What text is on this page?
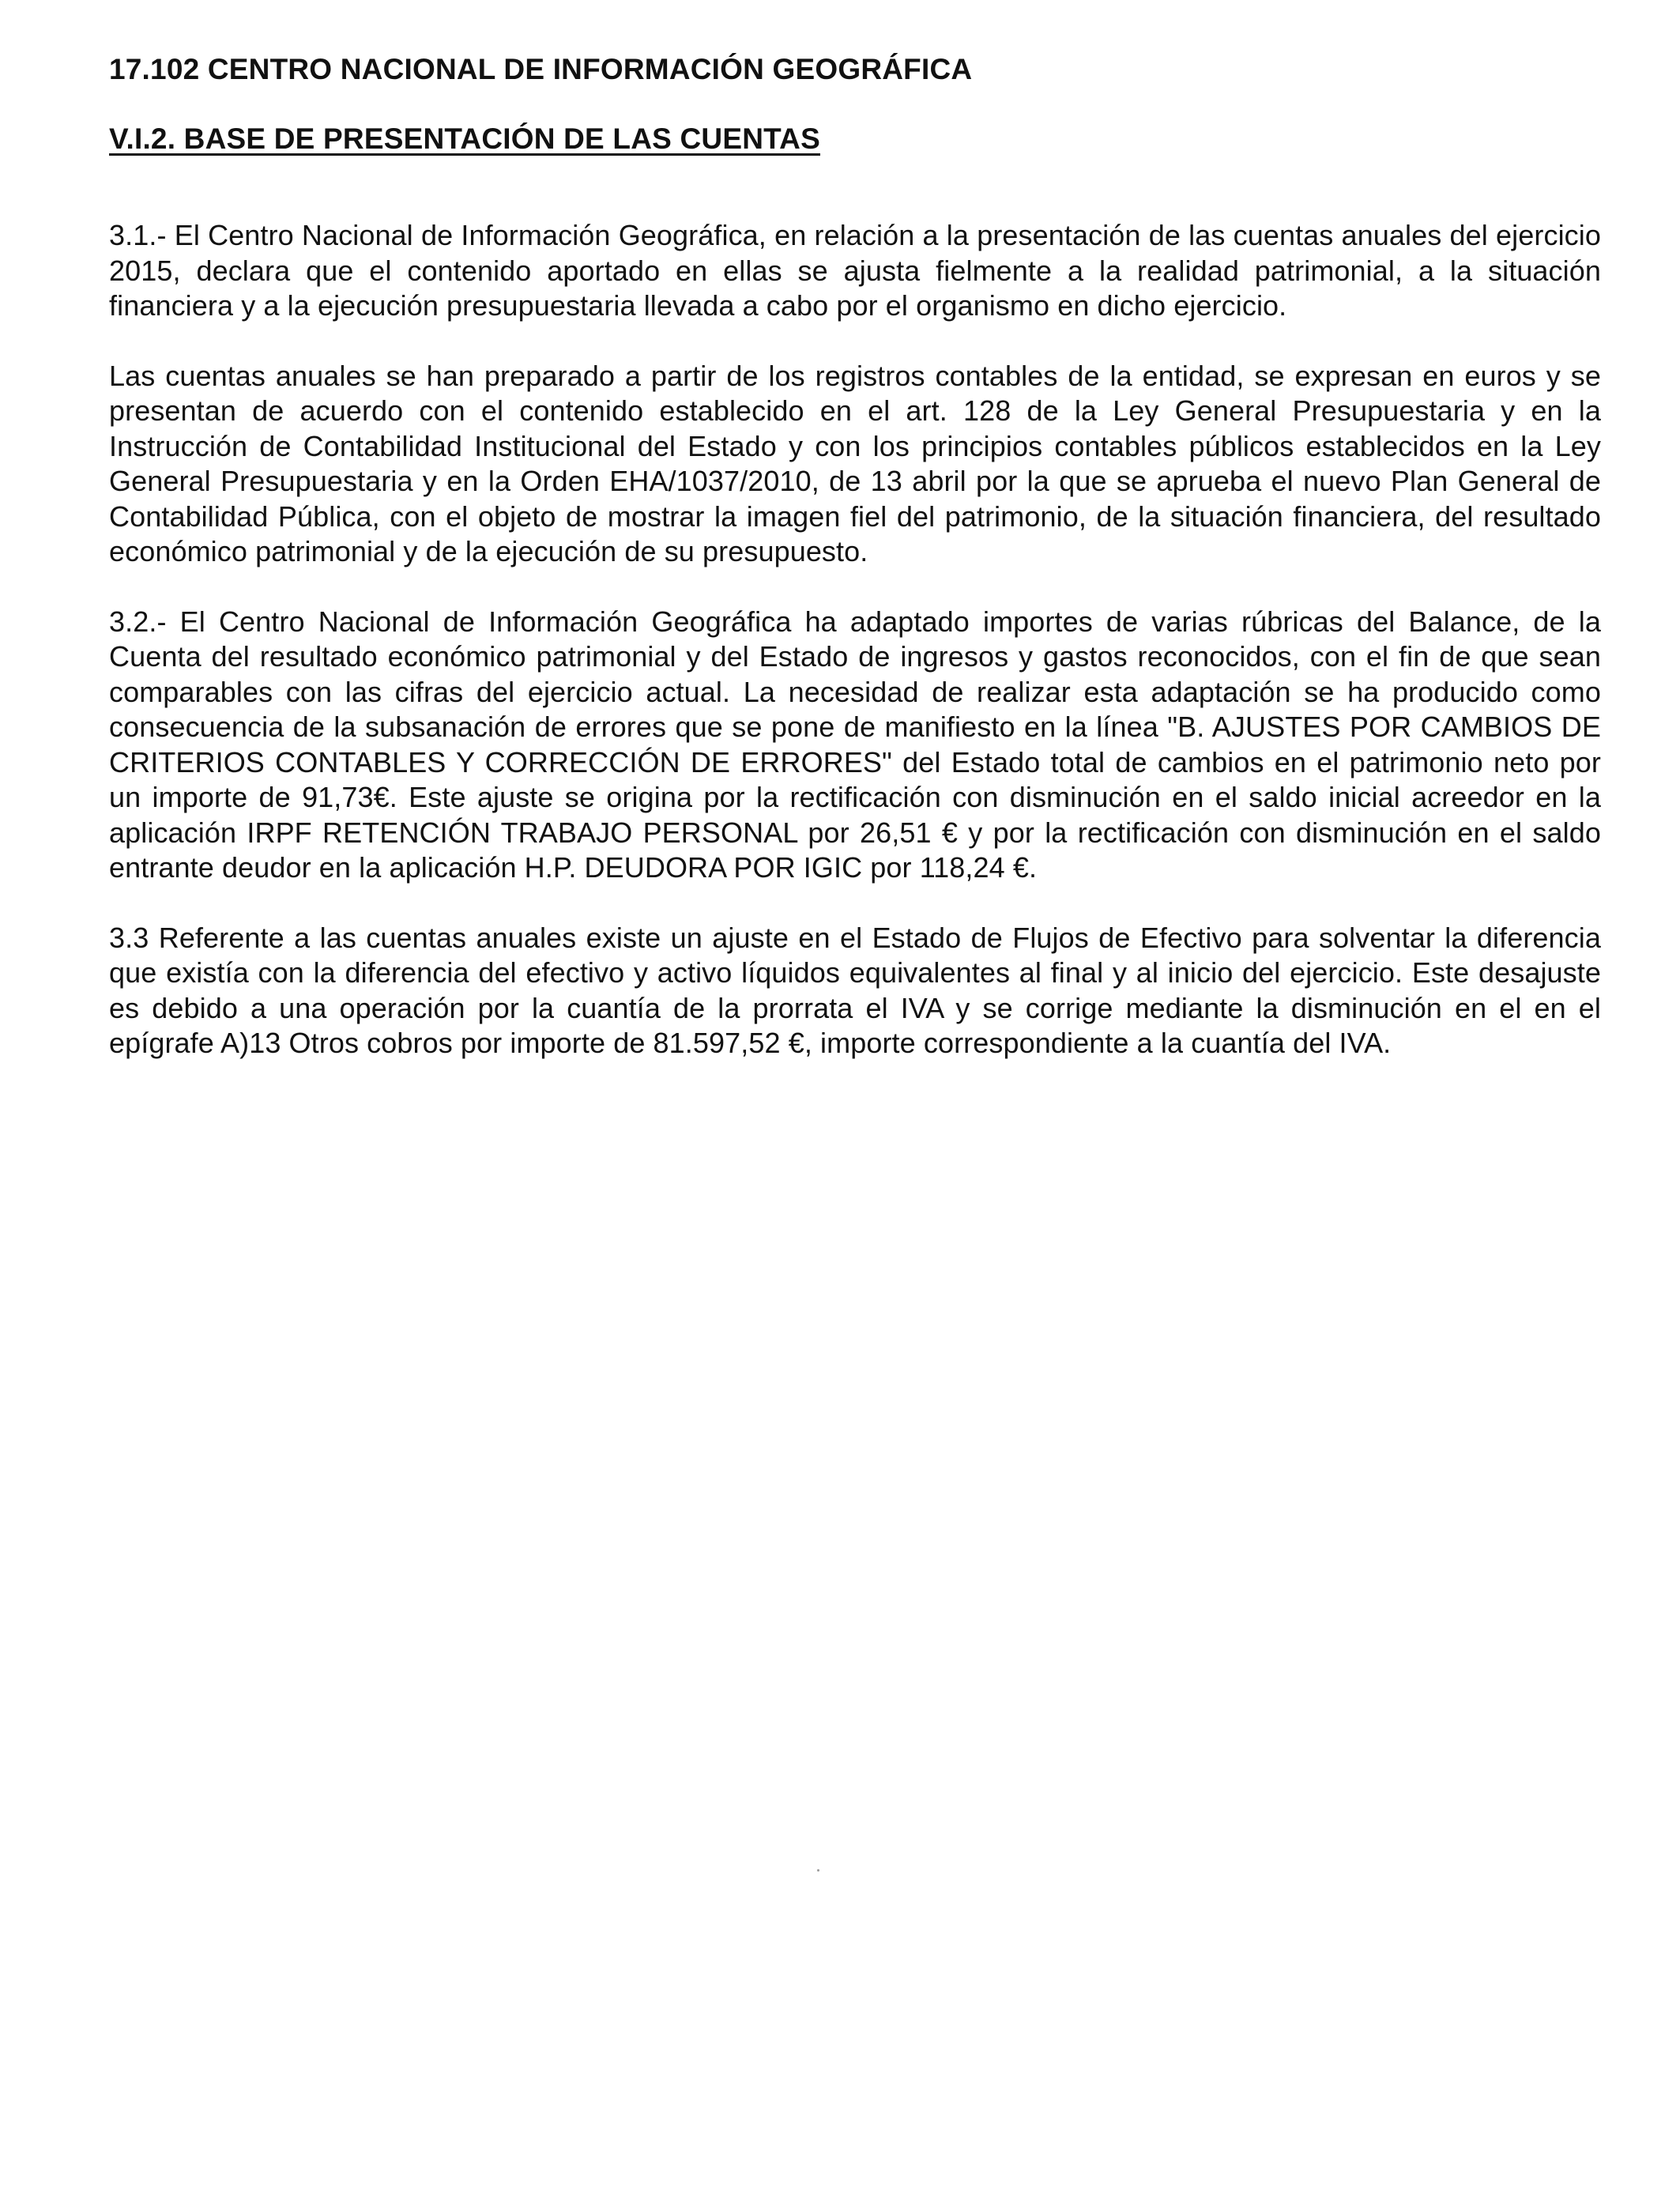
17.102 CENTRO NACIONAL DE INFORMACIÓN GEOGRÁFICA
V.I.2. BASE DE PRESENTACIÓN DE LAS CUENTAS

3.1.- El Centro Nacional de Información Geográfica, en relación a la presentación de las cuentas anuales del ejercicio 2015, declara que el contenido aportado en ellas se ajusta fielmente a la realidad patrimonial, a la situación financiera y a la ejecución presupuestaria llevada a cabo por el organismo en dicho ejercicio.

Las cuentas anuales se han preparado a partir de los registros contables de la entidad, se expresan en euros y se presentan de acuerdo con el contenido establecido en el art. 128 de la Ley General Presupuestaria y en la Instrucción de Contabilidad Institucional del Estado y con los principios contables públicos establecidos en la Ley General Presupuestaria y en la Orden EHA/1037/2010, de 13 abril por la que se aprueba el nuevo Plan General de Contabilidad Pública, con el objeto de mostrar la imagen fiel del patrimonio, de la situación financiera, del resultado económico patrimonial y de la ejecución de su presupuesto.

3.2.- El Centro Nacional de Información Geográfica ha adaptado importes de varias rúbricas del Balance, de la Cuenta del resultado económico patrimonial y del Estado de ingresos y gastos reconocidos, con el fin de que sean comparables con las cifras del ejercicio actual. La necesidad de realizar esta adaptación se ha producido como consecuencia de la subsanación de errores que se pone de manifiesto en la línea "B. AJUSTES POR CAMBIOS DE CRITERIOS CONTABLES Y CORRECCIÓN DE ERRORES" del Estado total de cambios en el patrimonio neto por un importe de 91,73€. Este ajuste se origina por la rectificación con disminución en el saldo inicial acreedor en la aplicación IRPF RETENCIÓN TRABAJO PERSONAL por 26,51 € y por la rectificación con disminución en el saldo entrante deudor en la aplicación H.P. DEUDORA POR IGIC por 118,24 €.

3.3 Referente a las cuentas anuales existe un ajuste en el Estado de Flujos de Efectivo para solventar la diferencia que existía con la diferencia del efectivo y activo líquidos equivalentes al final y al inicio del ejercicio. Este desajuste es debido a una operación por la cuantía de la prorrata el IVA y se corrige mediante la disminución en el en el epígrafe A)13 Otros cobros por importe de 81.597,52 €, importe correspondiente a la cuantía del IVA.
